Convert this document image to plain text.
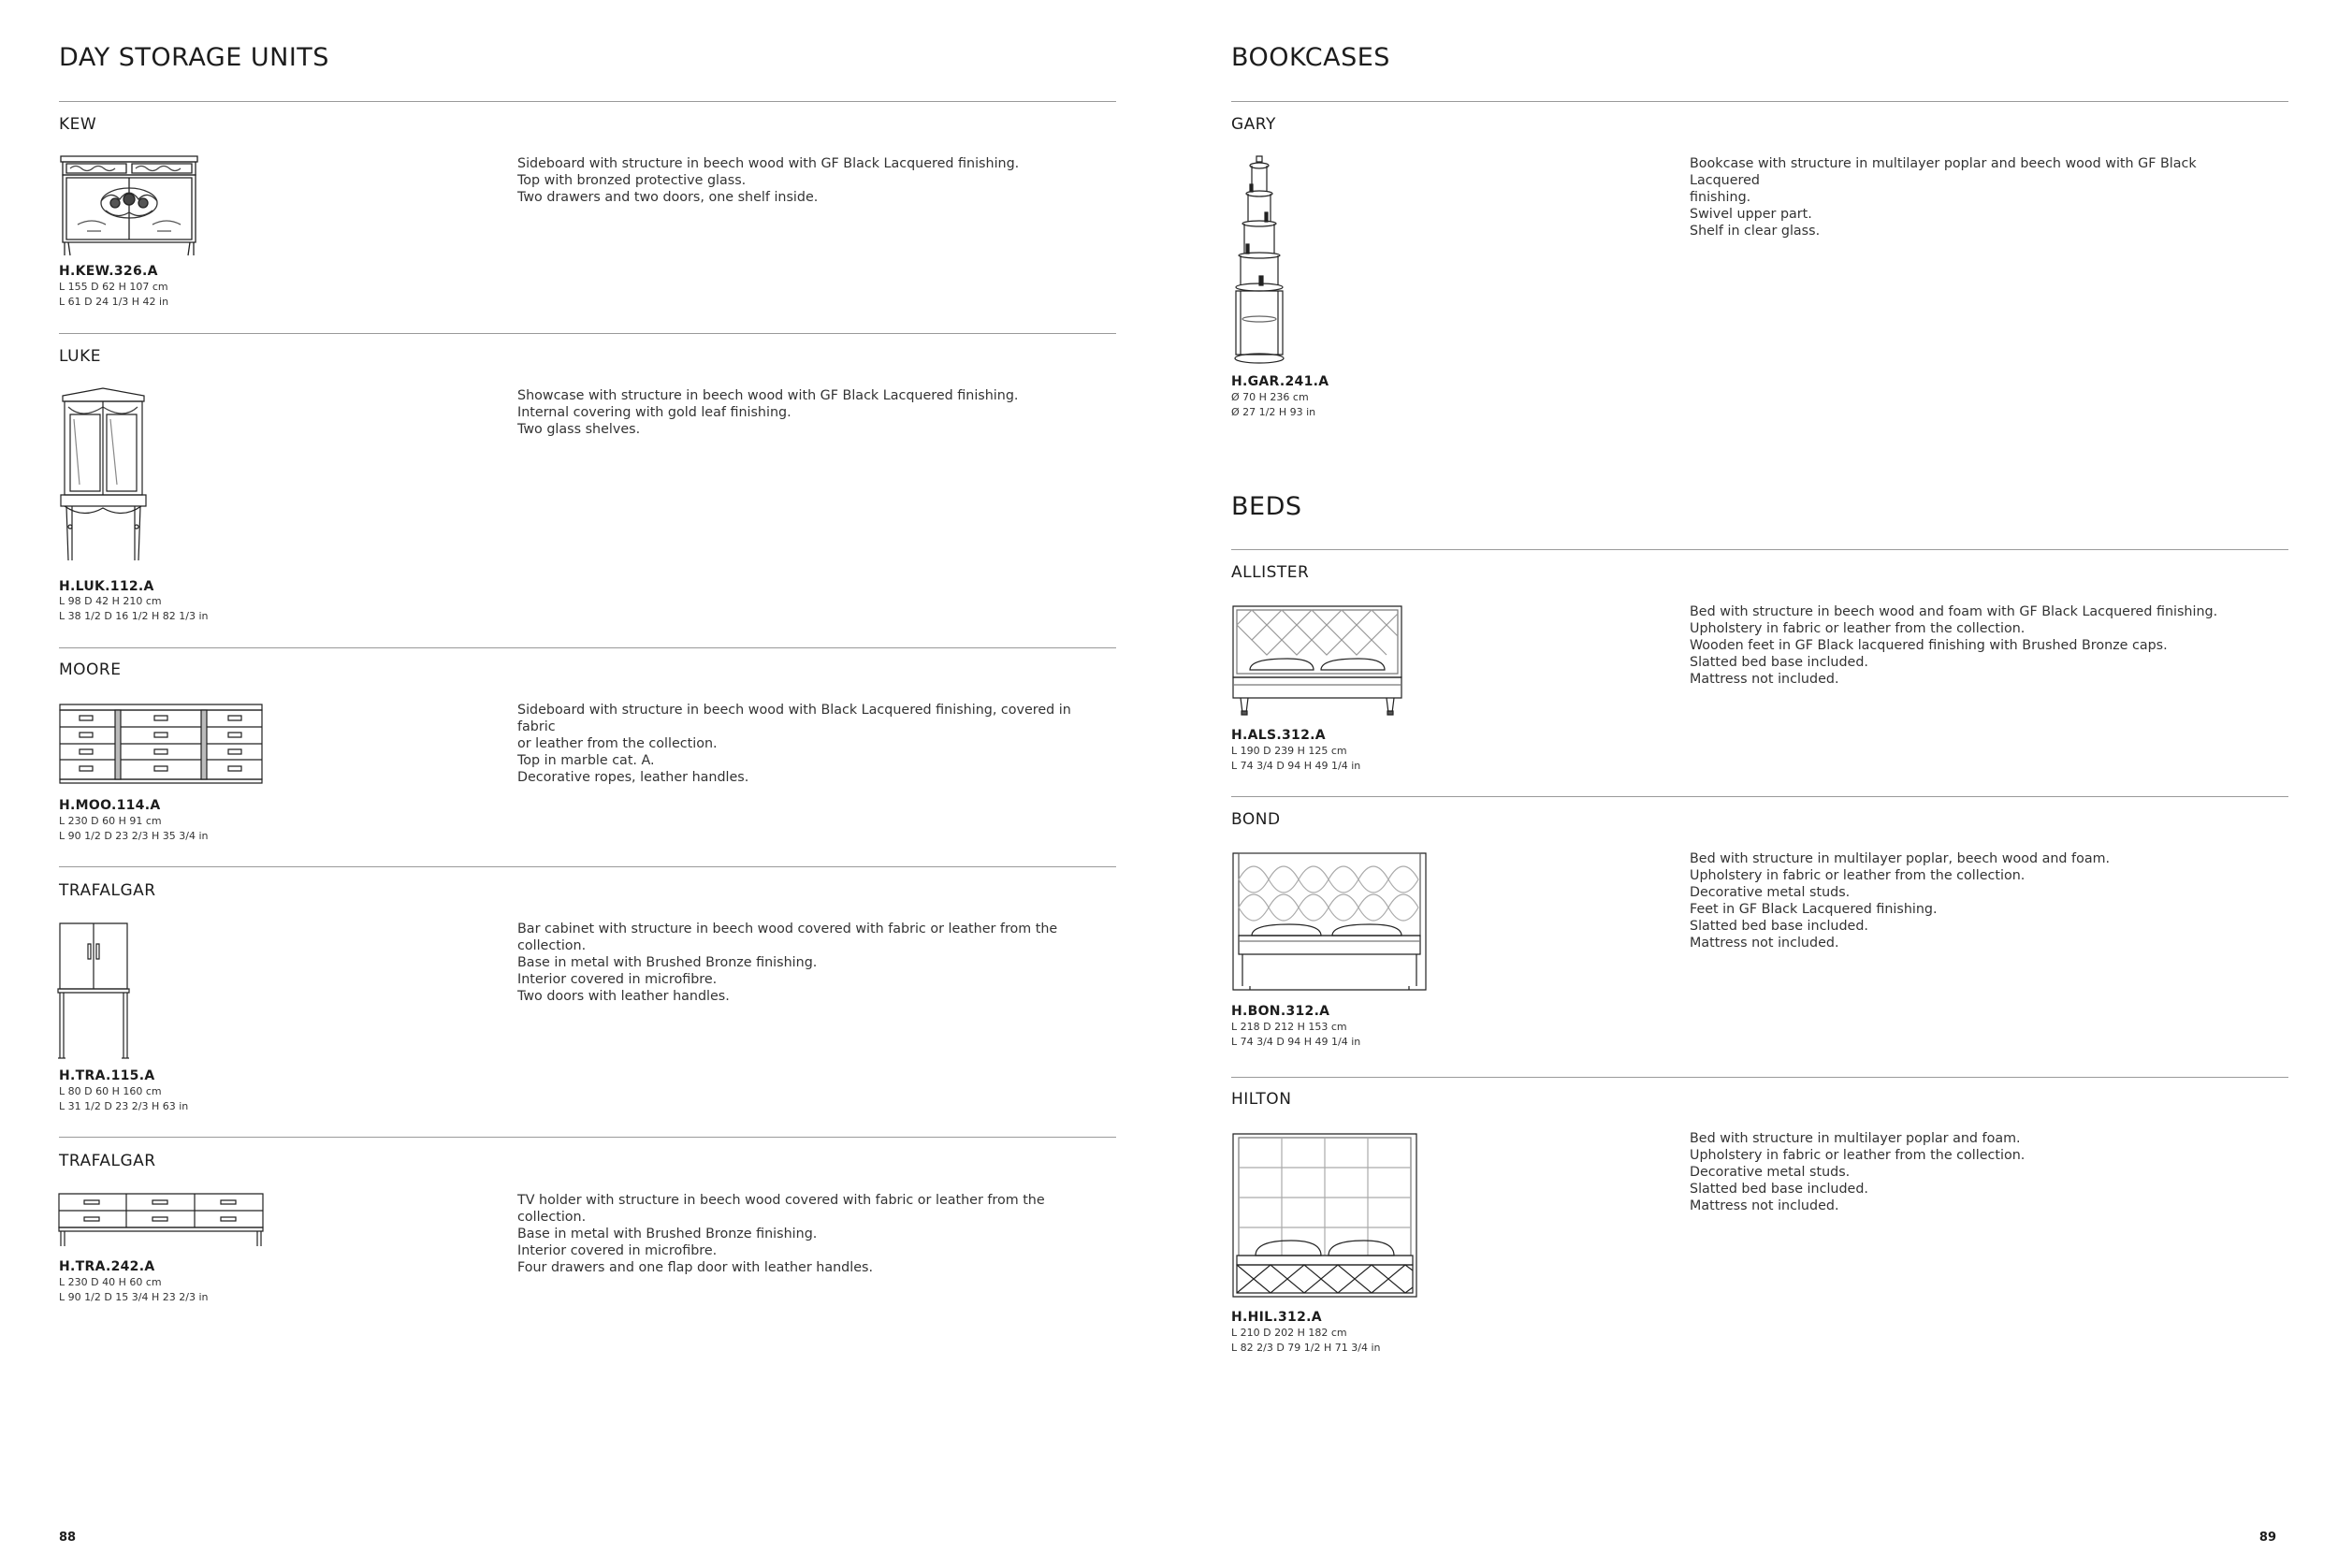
DAY STORAGE UNITS
KEW
H.KEW.326.A
L 155 D 62 H 107 cm
L 61 D 24 1/3 H 42 in
Sideboard with structure in beech wood with GF Black Lacquered finishing.
Top with bronzed protective glass.
Two drawers and two doors, one shelf inside.
LUKE
H.LUK.112.A
L 98 D 42 H 210 cm
L 38 1/2 D 16 1/2 H 82 1/3 in
Showcase with structure in beech wood with GF Black Lacquered finishing.
Internal covering with gold leaf finishing.
Two glass shelves.
MOORE
H.MOO.114.A
L 230 D 60 H 91 cm
L 90 1/2 D 23 2/3 H 35 3/4 in
Sideboard with structure in beech wood with Black Lacquered finishing, covered in fabric
or leather from the collection.
Top in marble cat. A.
Decorative ropes, leather handles.
TRAFALGAR
H.TRA.115.A
L 80 D 60 H 160 cm
L 31 1/2 D 23 2/3 H 63 in
Bar cabinet with structure in beech wood covered with fabric or leather from the
collection.
Base in metal with Brushed Bronze finishing.
Interior covered in microfibre.
Two doors with leather handles.
TRAFALGAR
H.TRA.242.A
L 230 D 40 H 60 cm
L 90 1/2 D 15 3/4 H 23 2/3 in
TV holder with structure in beech wood covered with fabric or leather from the
collection.
Base in metal with Brushed Bronze finishing.
Interior covered in microfibre.
Four drawers and one flap door with leather handles.
88
BOOKCASES
GARY
H.GAR.241.A
Ø 70 H 236 cm
Ø 27 1/2 H 93 in
Bookcase with structure in multilayer poplar and beech wood with GF Black Lacquered
finishing.
Swivel upper part.
Shelf in clear glass.
BEDS
ALLISTER
H.ALS.312.A
L 190 D 239 H 125 cm
L 74 3/4 D 94 H 49 1/4 in
Bed with structure in beech wood and foam with GF Black Lacquered finishing.
Upholstery in fabric or leather from the collection.
Wooden feet in GF Black lacquered finishing with Brushed Bronze caps.
Slatted bed base included.
Mattress not included.
BOND
H.BON.312.A
L 218 D 212 H 153 cm
L 74 3/4 D 94 H 49 1/4 in
Bed with structure in multilayer poplar, beech wood and foam.
Upholstery in fabric or leather from the collection.
Decorative metal studs.
Feet in GF Black Lacquered finishing.
Slatted bed base included.
Mattress not included.
HILTON
H.HIL.312.A
L 210 D 202 H 182 cm
L 82 2/3 D 79 1/2 H 71 3/4 in
Bed with structure in multilayer poplar and foam.
Upholstery in fabric or leather from the collection.
Decorative metal studs.
Slatted bed base included.
Mattress not included.
89
